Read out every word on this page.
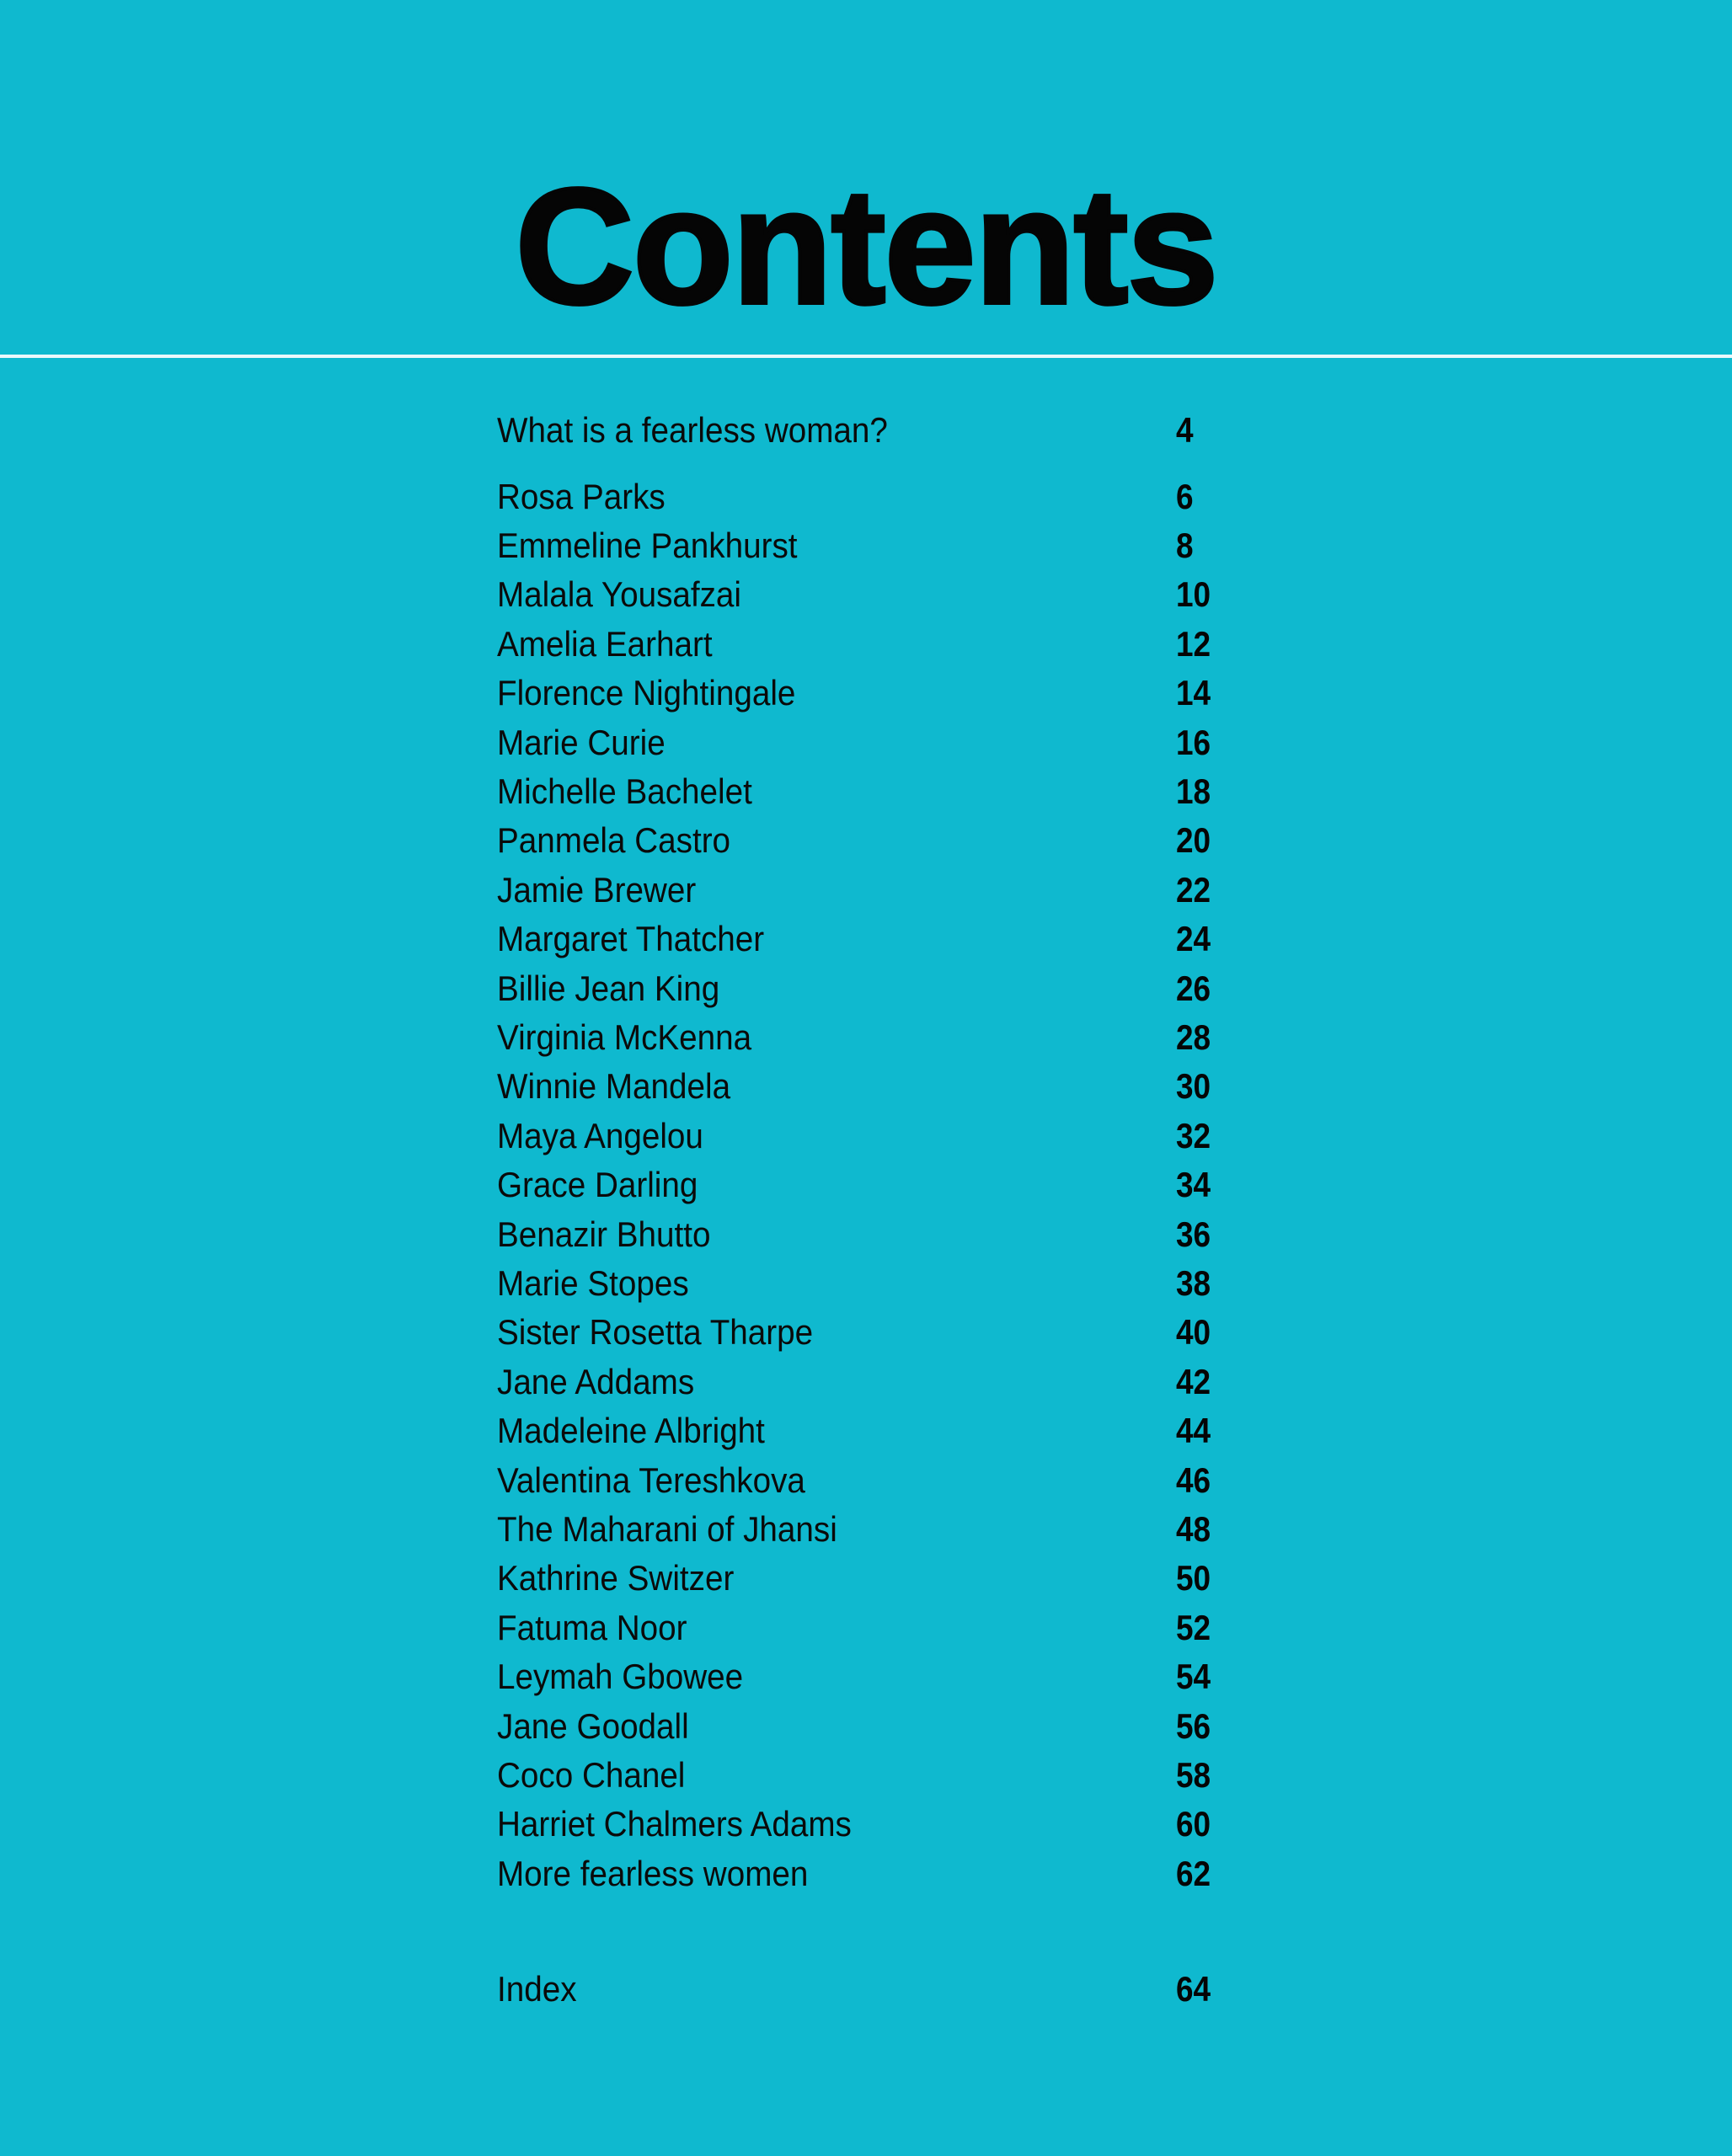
Contents
What is a fearless woman?	4
Rosa Parks	6
Emmeline Pankhurst	8
Malala Yousafzai	10
Amelia Earhart	12
Florence Nightingale	14
Marie Curie	16
Michelle Bachelet	18
Panmela Castro	20
Jamie Brewer	22
Margaret Thatcher	24
Billie Jean King	26
Virginia McKenna	28
Winnie Mandela	30
Maya Angelou	32
Grace Darling	34
Benazir Bhutto	36
Marie Stopes	38
Sister Rosetta Tharpe	40
Jane Addams	42
Madeleine Albright	44
Valentina Tereshkova	46
The Maharani of Jhansi	48
Kathrine Switzer	50
Fatuma Noor	52
Leymah Gbowee	54
Jane Goodall	56
Coco Chanel	58
Harriet Chalmers Adams	60
More fearless women	62
Index	64
